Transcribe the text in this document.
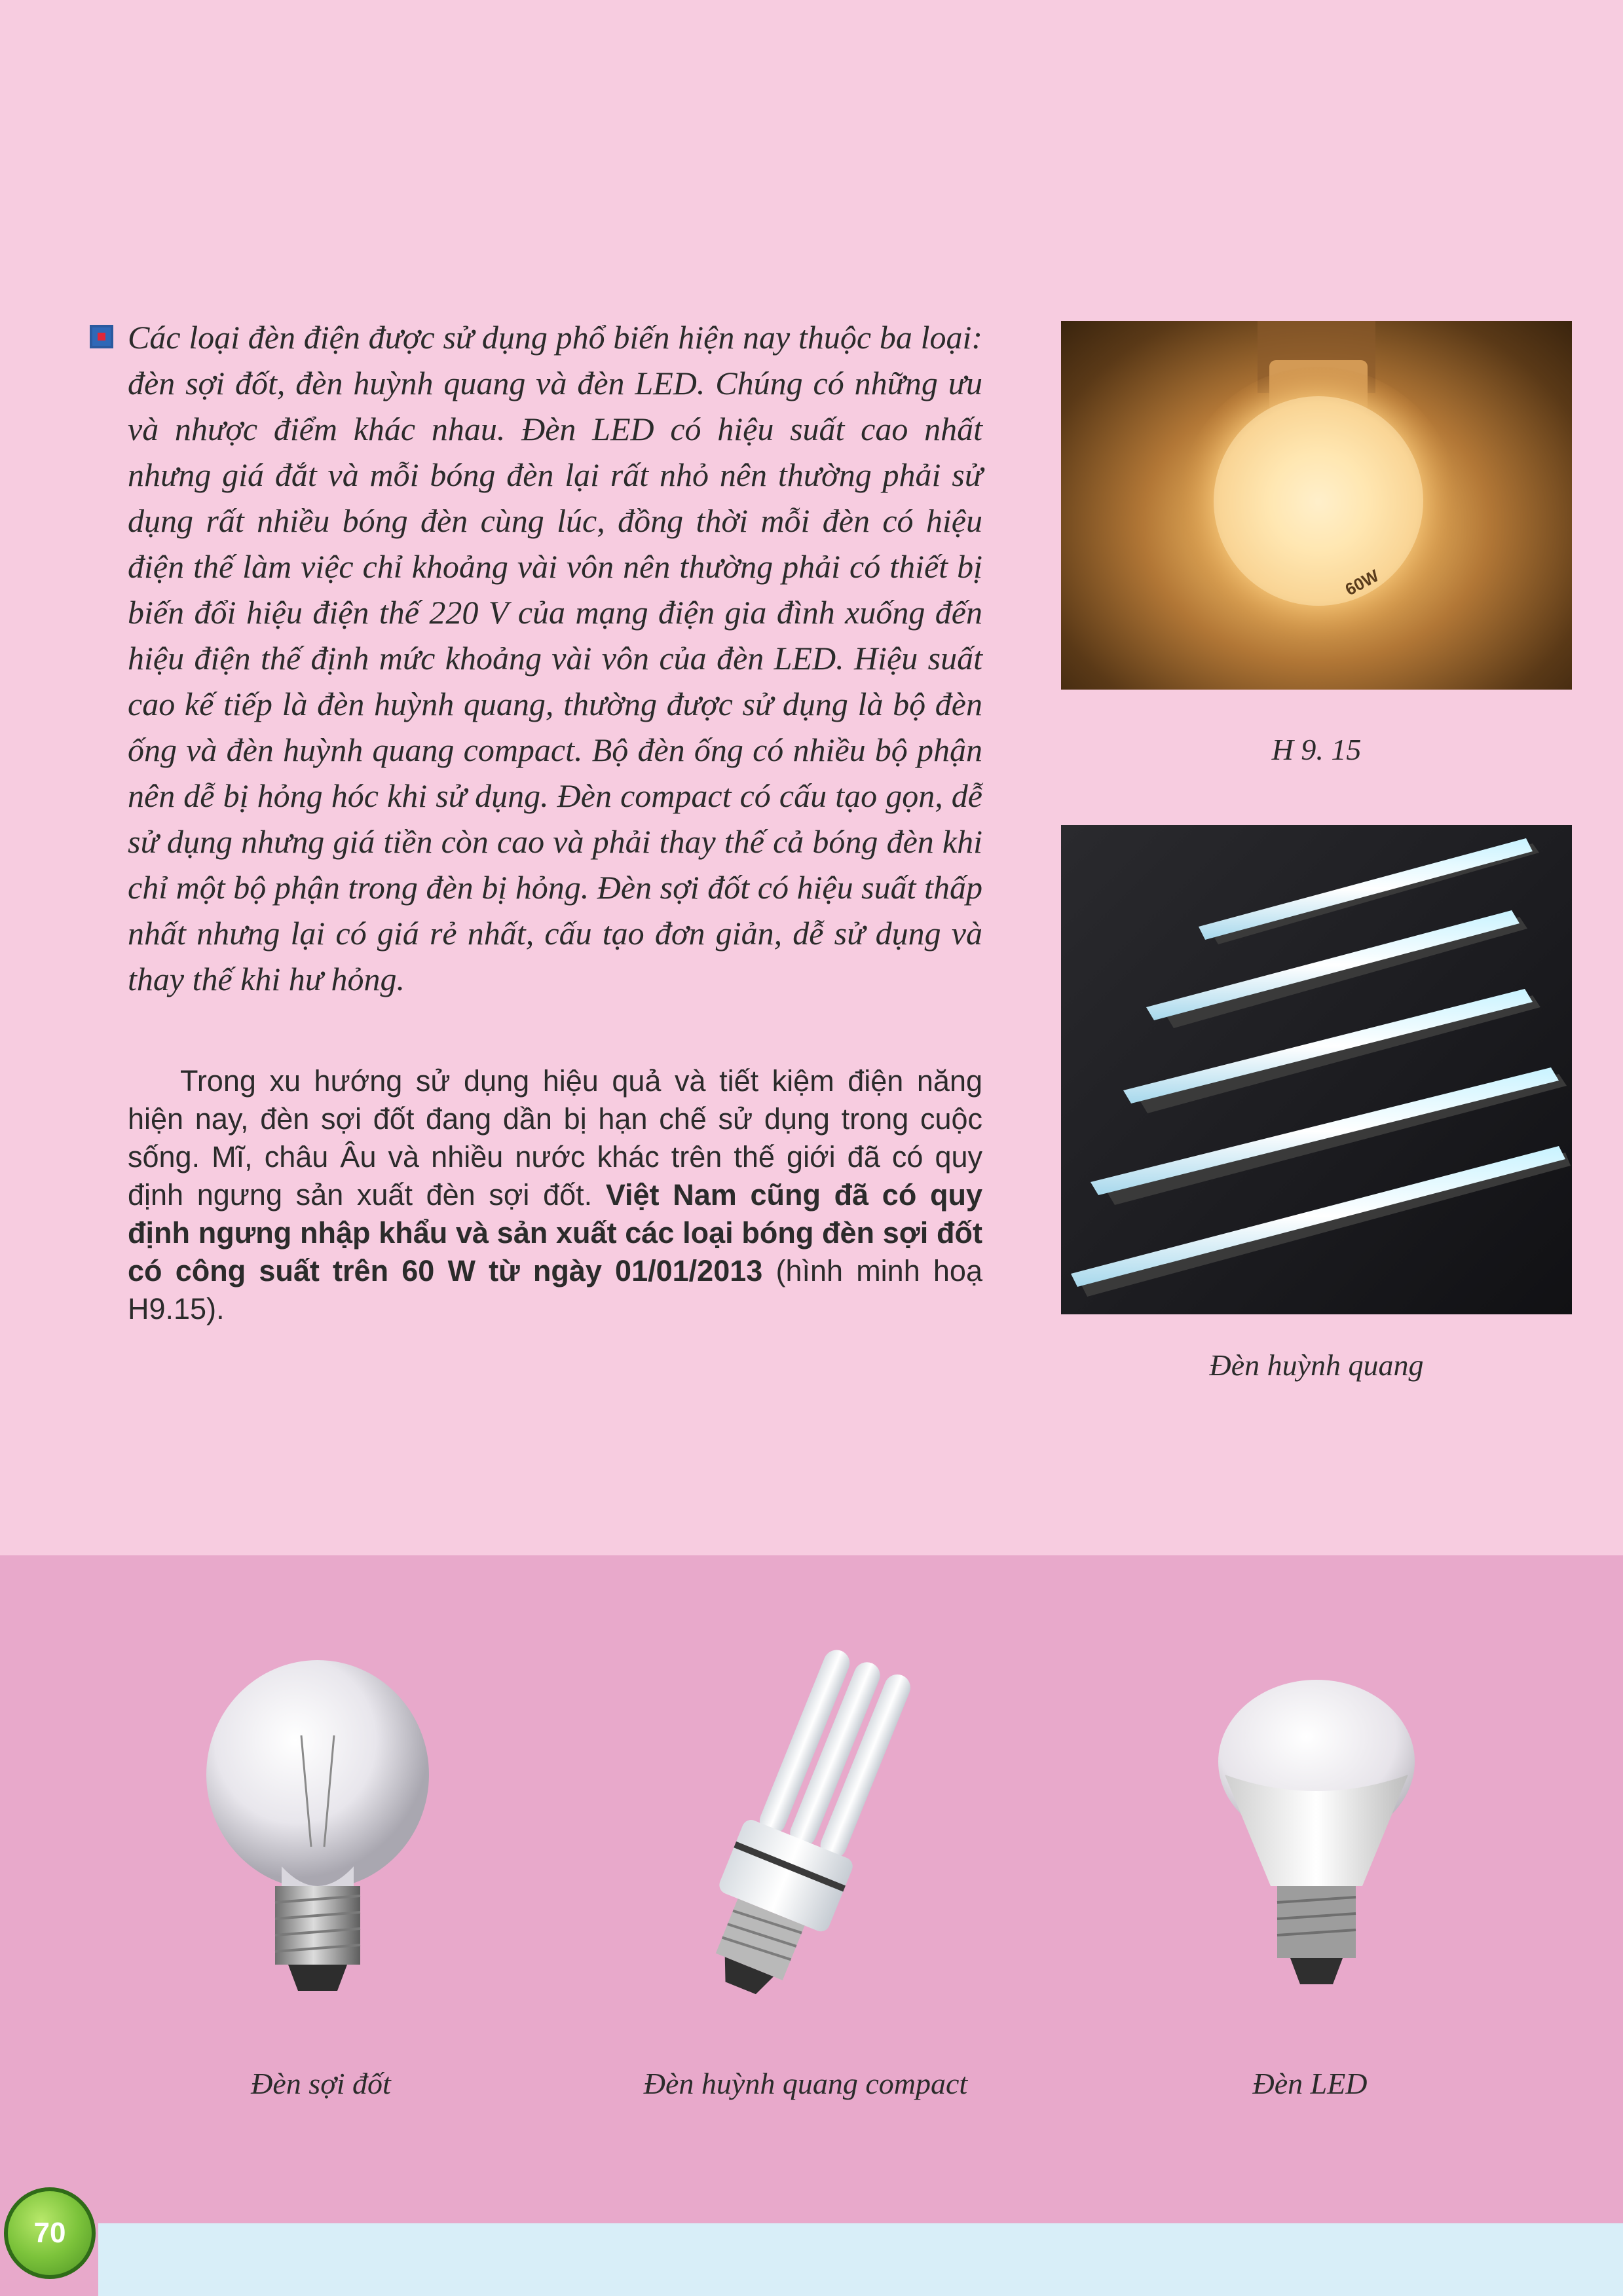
Các loại đèn điện được sử dụng phổ biến hiện nay thuộc ba loại: đèn sợi đốt, đèn huỳnh quang và đèn LED. Chúng có những ưu và nhược điểm khác nhau. Đèn LED có hiệu suất cao nhất nhưng giá đắt và mỗi bóng đèn lại rất nhỏ nên thường phải sử dụng rất nhiều bóng đèn cùng lúc, đồng thời mỗi đèn có hiệu điện thế làm việc chỉ khoảng vài vôn nên thường phải có thiết bị biến đổi hiệu điện thế 220 V của mạng điện gia đình xuống đến hiệu điện thế định mức khoảng vài vôn của đèn LED. Hiệu suất cao kế tiếp là đèn huỳnh quang, thường được sử dụng là bộ đèn ống và đèn huỳnh quang compact. Bộ đèn ống có nhiều bộ phận nên dễ bị hỏng hóc khi sử dụng. Đèn compact có cấu tạo gọn, dễ sử dụng nhưng giá tiền còn cao và phải thay thế cả bóng đèn khi chỉ một bộ phận trong đèn bị hỏng. Đèn sợi đốt có hiệu suất thấp nhất nhưng lại có giá rẻ nhất, cấu tạo đơn giản, dễ sử dụng và thay thế khi hư hỏng.
Trong xu hướng sử dụng hiệu quả và tiết kiệm điện năng hiện nay, đèn sợi đốt đang dần bị hạn chế sử dụng trong cuộc sống. Mĩ, châu Âu và nhiều nước khác trên thế giới đã có quy định ngưng sản xuất đèn sợi đốt. Việt Nam cũng đã có quy định ngưng nhập khẩu và sản xuất các loại bóng đèn sợi đốt có công suất trên 60 W từ ngày 01/01/2013 (hình minh hoạ H9.15).
60W
H 9. 15
Đèn huỳnh quang
Đèn sợi đốt	Đèn huỳnh quang compact	Đèn LED
70
